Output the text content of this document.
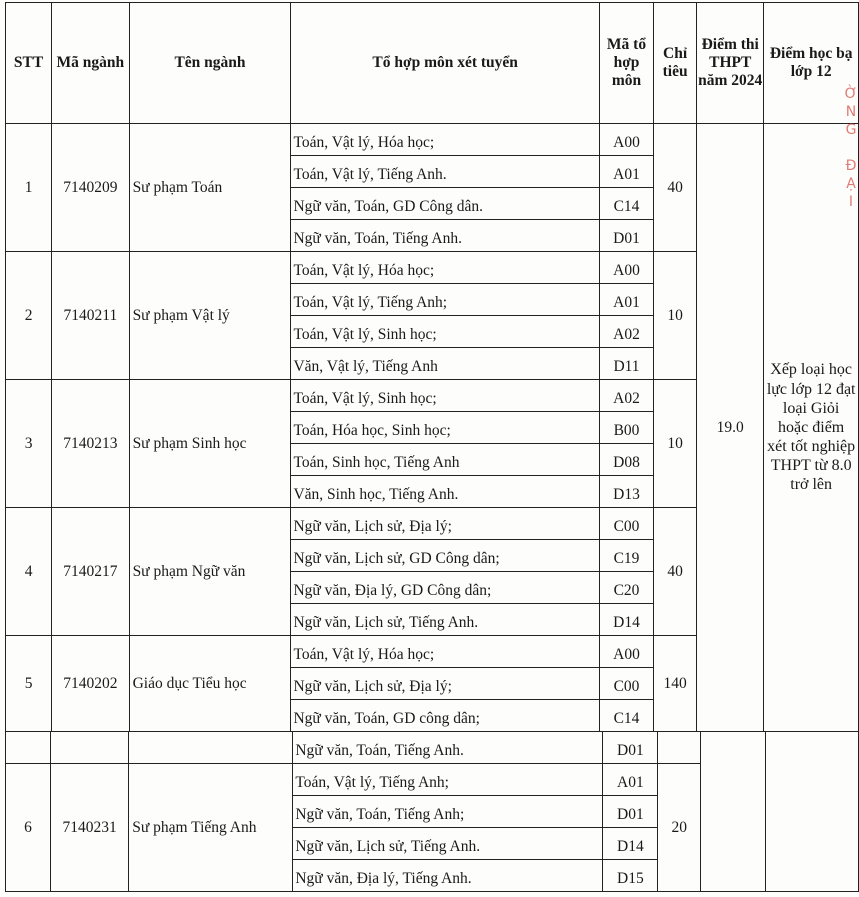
STT	Mã ngành	Tên ngành	Tổ hợp môn xét tuyển	Mã tổ hợp môn	Chỉ tiêu	Điểm thi THPT năm 2024	Điểm học bạ lớp 12
1	7140209	Sư phạm Toán	Toán, Vật lý, Hóa học;	A00	40	19.0	Xếp loại học lực lớp 12 đạt loại Giỏi hoặc điểm xét tốt nghiệp THPT từ 8.0 trở lên
			Toán, Vật lý, Tiếng Anh.	A01			
			Ngữ văn, Toán, GD Công dân.	C14			
			Ngữ văn, Toán, Tiếng Anh.	D01			
2	7140211	Sư phạm Vật lý	Toán, Vật lý, Hóa học;	A00	10		
			Toán, Vật lý, Tiếng Anh;	A01			
			Toán, Vật lý, Sinh học;	A02			
			Văn, Vật lý, Tiếng Anh	D11			
3	7140213	Sư phạm Sinh học	Toán, Vật lý, Sinh học;	A02	10		
			Toán, Hóa học, Sinh học;	B00			
			Toán, Sinh học, Tiếng Anh	D08			
			Văn, Sinh học, Tiếng Anh.	D13			
4	7140217	Sư phạm Ngữ văn	Ngữ văn, Lịch sử, Địa lý;	C00	40		
			Ngữ văn, Lịch sử, GD Công dân;	C19			
			Ngữ văn, Địa lý, GD Công dân;	C20			
			Ngữ văn, Lịch sử, Tiếng Anh.	D14			
5	7140202	Giáo dục Tiểu học	Toán, Vật lý, Hóa học;	A00	140		
			Ngữ văn, Lịch sử, Địa lý;	C00			
			Ngữ văn, Toán, GD công dân;	C14			
			Ngữ văn, Toán, Tiếng Anh.	D01			
6	7140231	Sư phạm Tiếng Anh	Toán, Vật lý, Tiếng Anh;	A01	20		
			Ngữ văn, Toán, Tiếng Anh;	D01			
			Ngữ văn, Lịch sử, Tiếng Anh.	D14			
			Ngữ văn, Địa lý, Tiếng Anh.	D15			
Ờ
N
G

Đ
Ạ
I
